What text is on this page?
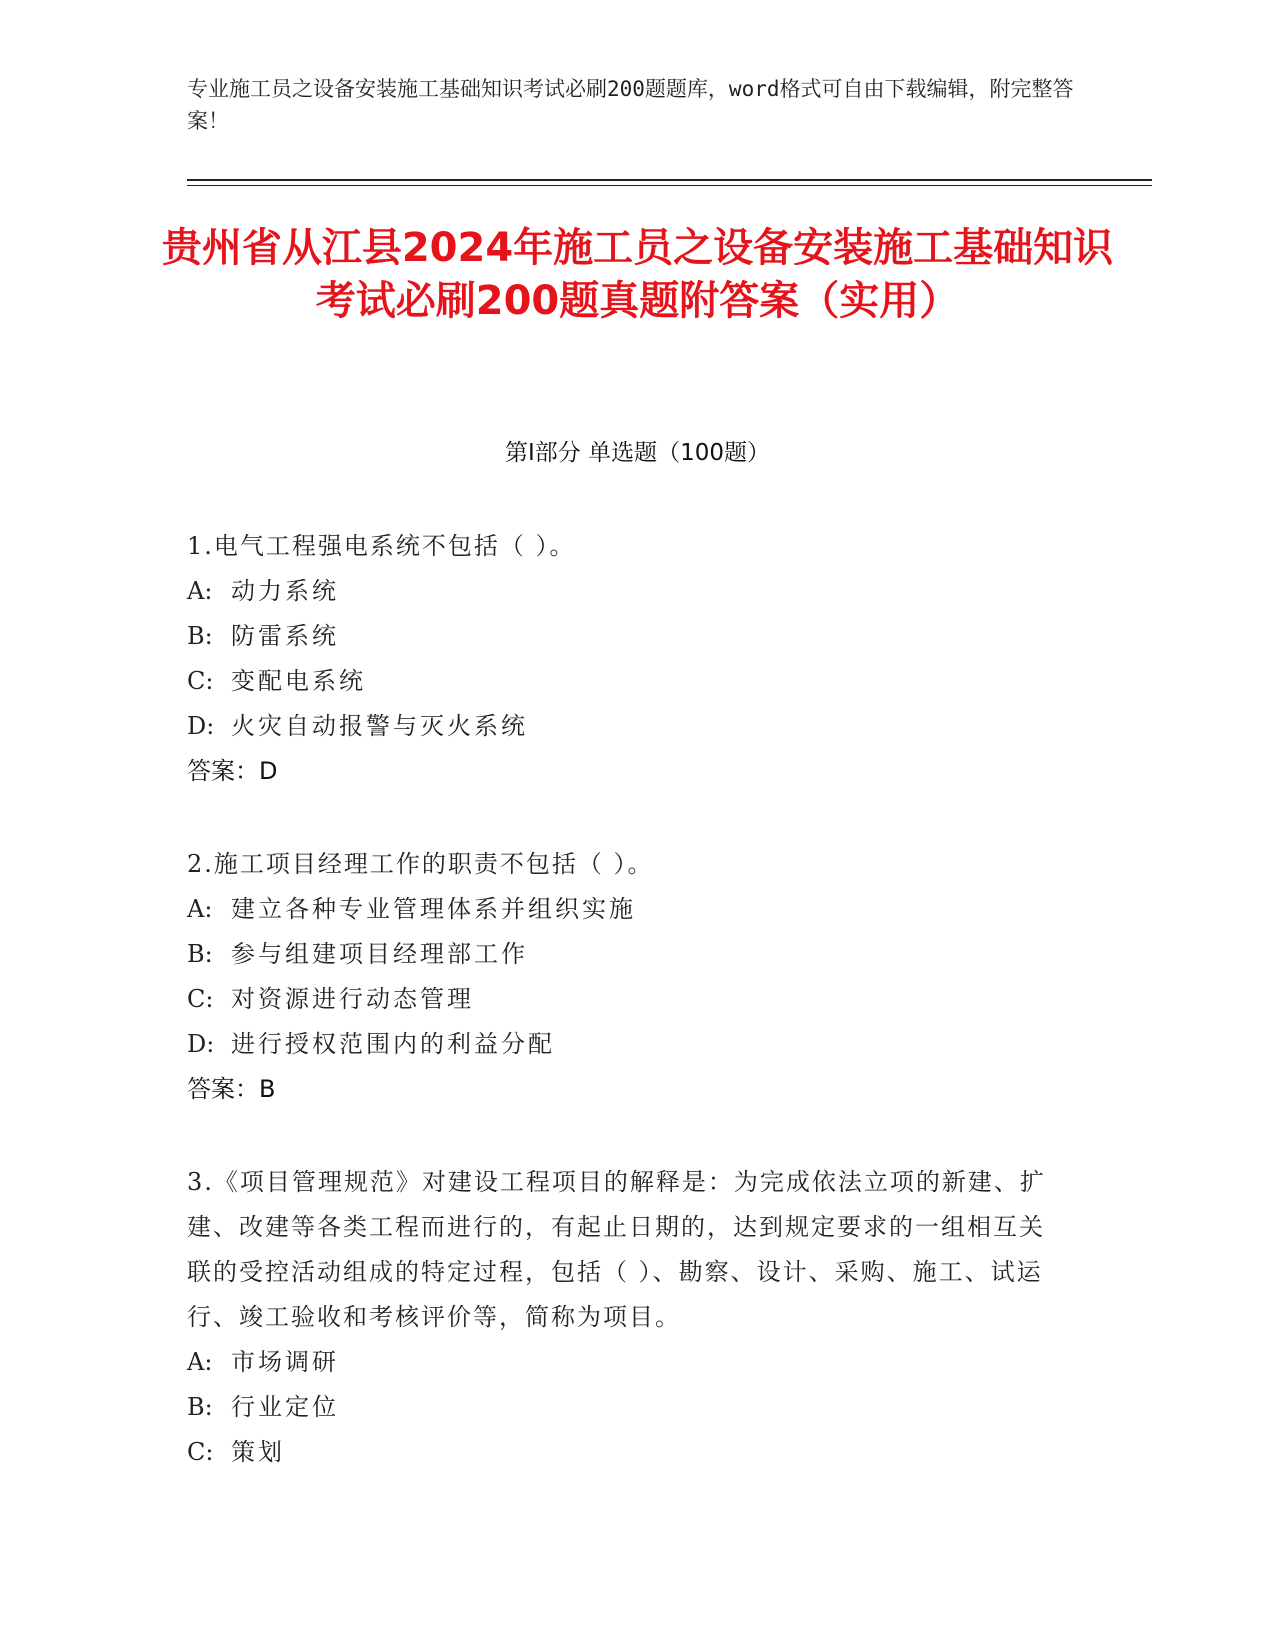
专业施工员之设备安装施工基础知识考试必刷200题题库，word格式可自由下载编辑，附完整答案！
贵州省从江县2024年施工员之设备安装施工基础知识考试必刷200题真题附答案（实用）
第Ⅰ部分 单选题（100题）
1.电气工程强电系统不包括（ ）。
A: 动力系统
B: 防雷系统
C: 变配电系统
D: 火灾自动报警与灭火系统
答案：D
2.施工项目经理工作的职责不包括（ ）。
A: 建立各种专业管理体系并组织实施
B: 参与组建项目经理部工作
C: 对资源进行动态管理
D: 进行授权范围内的利益分配
答案：B
3.《项目管理规范》对建设工程项目的解释是：为完成依法立项的新建、扩建、改建等各类工程而进行的，有起止日期的，达到规定要求的一组相互关联的受控活动组成的特定过程，包括（ ）、勘察、设计、采购、施工、试运行、竣工验收和考核评价等，简称为项目。
A: 市场调研
B: 行业定位
C: 策划
